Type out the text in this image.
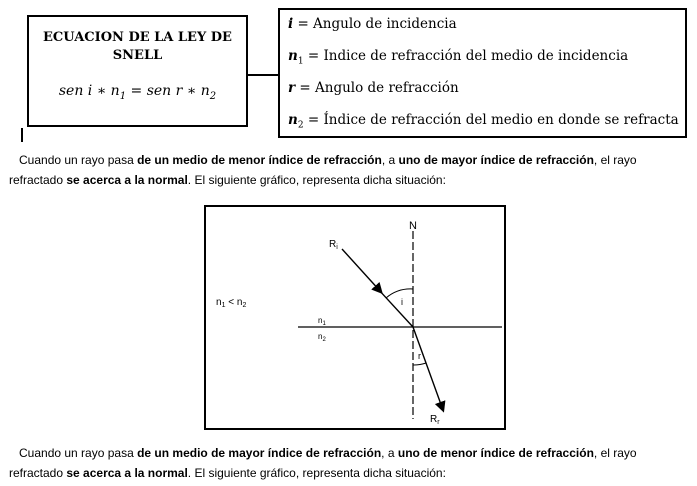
ECUACION DE LA LEY DE
SNELL
sen i ∗ $n_1$ = sen r ∗ $n_2$
i = Angulo de incidencia
$n_1$ = Indice de refracción del medio de incidencia
r = Angulo de refracción
$n_2$ = Índice de refracción del medio en donde se refracta
Cuando un rayo pasa de un medio de menor índice de refracción, a uno de mayor índice de refracción, el rayo
refractado se acerca a la normal. El siguiente gráfico, representa dicha situación:
N
$R_i$
$R_r$
i
r
$n_1$
$n_2$
$n_1 < n_2$
Cuando un rayo pasa de un medio de mayor índice de refracción, a uno de menor índice de refracción, el rayo
refractado se acerca a la normal. El siguiente gráfico, representa dicha situación:
